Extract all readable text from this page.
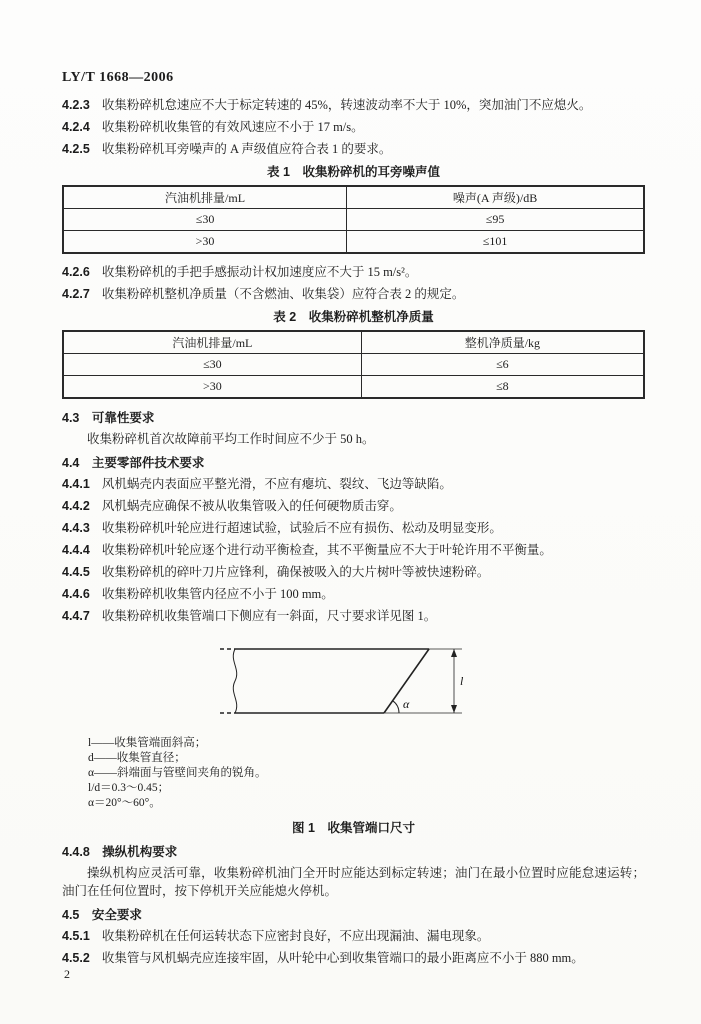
LY/T 1668—2006
4.2.3 收集粉碎机怠速应不大于标定转速的 45%，转速波动率不大于 10%，突加油门不应熄火。
4.2.4 收集粉碎机收集管的有效风速应不小于 17 m/s。
4.2.5 收集粉碎机耳旁噪声的 A 声级值应符合表 1 的要求。
表 1　收集粉碎机的耳旁噪声值
汽油机排量/mL	噪声(A 声级)/dB
≤30	≤95
>30	≤101
4.2.6 收集粉碎机的手把手感振动计权加速度应不大于 15 m/s²。
4.2.7 收集粉碎机整机净质量（不含燃油、收集袋）应符合表 2 的规定。
表 2　收集粉碎机整机净质量
汽油机排量/mL	整机净质量/kg
≤30	≤6
>30	≤8
4.3　可靠性要求
收集粉碎机首次故障前平均工作时间应不少于 50 h。
4.4　主要零部件技术要求
4.4.1 风机蜗壳内表面应平整光滑，不应有瘪坑、裂纹、飞边等缺陷。
4.4.2 风机蜗壳应确保不被从收集管吸入的任何硬物质击穿。
4.4.3 收集粉碎机叶轮应进行超速试验，试验后不应有损伤、松动及明显变形。
4.4.4 收集粉碎机叶轮应逐个进行动平衡检查，其不平衡量应不大于叶轮许用不平衡量。
4.4.5 收集粉碎机的碎叶刀片应锋利，确保被吸入的大片树叶等被快速粉碎。
4.4.6 收集粉碎机收集管内径应不小于 100 mm。
4.4.7 收集粉碎机收集管端口下侧应有一斜面，尺寸要求详见图 1。
α
l
l——收集管端面斜高；
d——收集管直径；
α——斜端面与管壁间夹角的锐角。
l/d＝0.3～0.45；
α＝20°～60°。
图 1　收集管端口尺寸
4.4.8　操纵机构要求
操纵机构应灵活可靠，收集粉碎机油门全开时应能达到标定转速；油门在最小位置时应能怠速运转；油门在任何位置时，按下停机开关应能熄火停机。
4.5　安全要求
4.5.1 收集粉碎机在任何运转状态下应密封良好，不应出现漏油、漏电现象。
4.5.2 收集管与风机蜗壳应连接牢固，从叶轮中心到收集管端口的最小距离应不小于 880 mm。
2
